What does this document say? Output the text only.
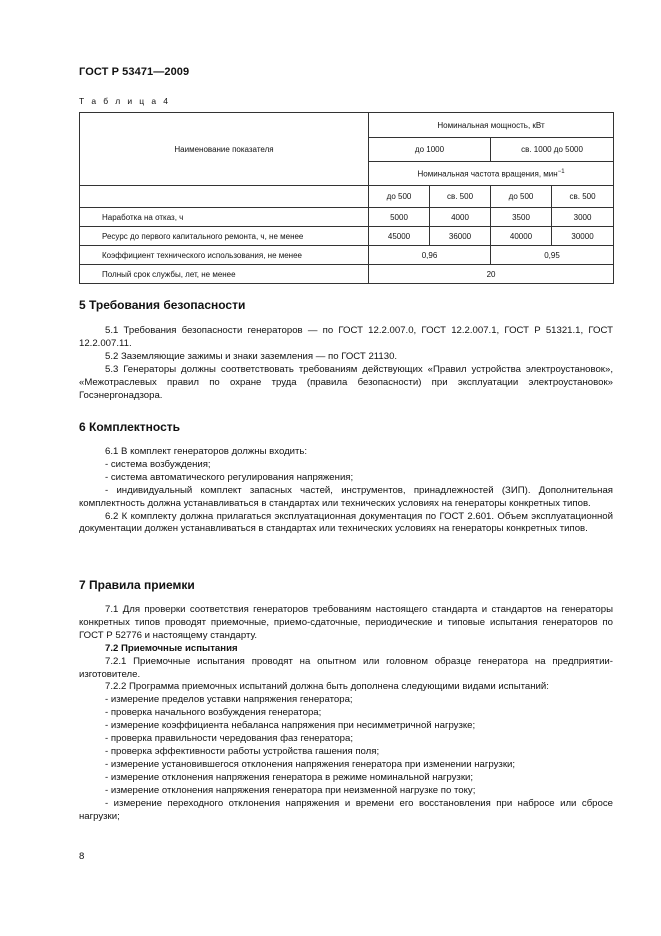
ГОСТ Р 53471—2009
Т а б л и ц а 4
Наименование показателя	Номинальная мощность, кВт			
	до 1000		св. 1000 до 5000	
	Номинальная частота вращения, мин$^{-1}$
	до 500	св. 500	до 500	св. 500
Наработка на отказ, ч	5000	4000	3500	3000
Ресурс до первого капитального ремонта, ч, не менее	45000	36000	40000	30000
Коэффициент технического использования, не менее	0,96		0,95	
Полный срок службы, лет, не менее	20			
5 Требования безопасности

5.1 Требования безопасности генераторов — по ГОСТ 12.2.007.0, ГОСТ 12.2.007.1, ГОСТ Р 51321.1, ГОСТ 12.2.007.11.

5.2 Заземляющие зажимы и знаки заземления — по ГОСТ 21130.

5.3 Генераторы должны соответствовать требованиям действующих «Правил устройства электроустановок», «Межотраслевых правил по охране труда (правила безопасности) при эксплуатации электроустановок» Госэнергонадзора.

6 Комплектность

6.1 В комплект генераторов должны входить:

- система возбуждения;

- система автоматического регулирования напряжения;

- индивидуальный комплект запасных частей, инструментов, принадлежностей (ЗИП). Дополнительная комплектность должна устанавливаться в стандартах или технических условиях на генераторы конкретных типов.

6.2 К комплекту должна прилагаться эксплуатационная документация по ГОСТ 2.601. Объем эксплуатационной документации должен устанавливаться в стандартах или технических условиях на генераторы конкретных типов.

7 Правила приемки

7.1 Для проверки соответствия генераторов требованиям настоящего стандарта и стандартов на генераторы конкретных типов проводят приемочные, приемо-сдаточные, периодические и типовые испытания генераторов по ГОСТ Р 52776 и настоящему стандарту.

7.2 Приемочные испытания

7.2.1 Приемочные испытания проводят на опытном или головном образце генератора на предприятии-изготовителе.

7.2.2 Программа приемочных испытаний должна быть дополнена следующими видами испытаний:

- измерение пределов уставки напряжения генератора;

- проверка начального возбуждения генератора;

- измерение коэффициента небаланса напряжения при несимметричной нагрузке;

- проверка правильности чередования фаз генератора;

- проверка эффективности работы устройства гашения поля;

- измерение установившегося отклонения напряжения генератора при изменении нагрузки;

- измерение отклонения напряжения генератора в режиме номинальной нагрузки;

- измерение отклонения напряжения генератора при неизменной нагрузке по току;

- измерение переходного отклонения напряжения и времени его восстановления при набросе или сбросе нагрузки;

8
